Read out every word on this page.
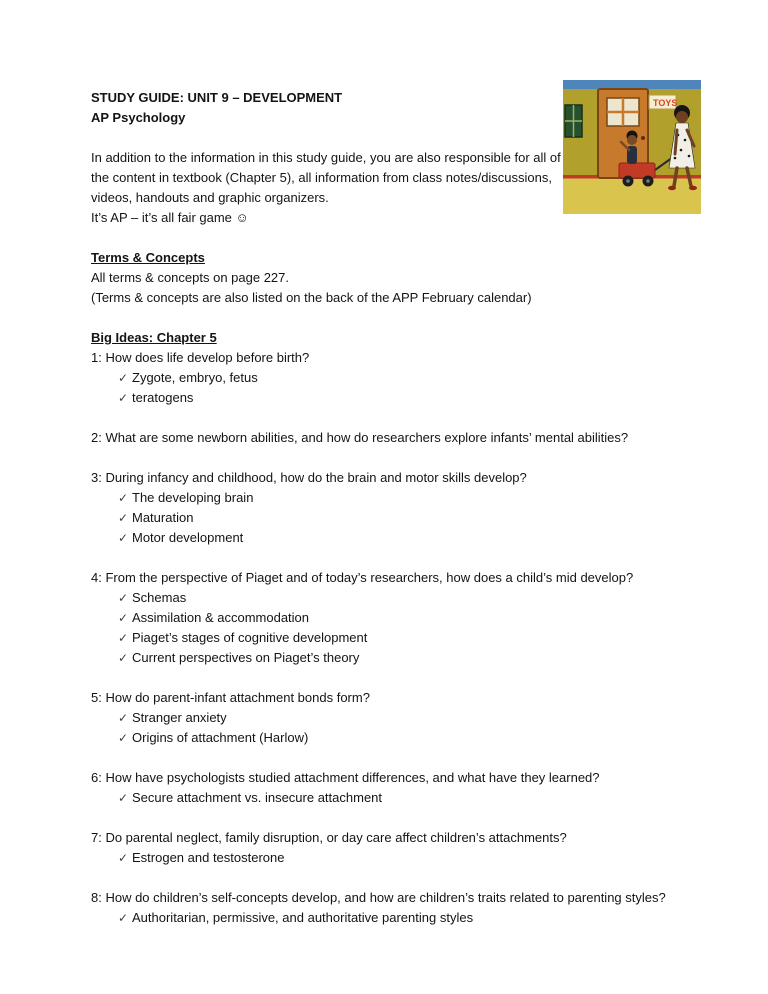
TOYS

STUDY GUIDE: UNIT 9 – DEVELOPMENT

AP Psychology

In addition to the information in this study guide, you are also responsible for all of the content in textbook (Chapter 5), all information from class notes/discussions, videos, handouts and graphic organizers.

It’s AP – it’s all fair game ☺

Terms & Concepts

All terms & concepts on page 227.

(Terms & concepts are also listed on the back of the APP February calendar)

Big Ideas: Chapter 5

1: How does life develop before birth?

✓ Zygote, embryo, fetus
✓ teratogens

2: What are some newborn abilities, and how do researchers explore infants’ mental abilities?

3: During infancy and childhood, how do the brain and motor skills develop?

✓ The developing brain
✓ Maturation
✓ Motor development

4: From the perspective of Piaget and of today’s researchers, how does a child’s mid develop?

✓ Schemas
✓ Assimilation & accommodation
✓ Piaget’s stages of cognitive development
✓ Current perspectives on Piaget’s theory

5: How do parent-infant attachment bonds form?

✓ Stranger anxiety
✓ Origins of attachment (Harlow)

6: How have psychologists studied attachment differences, and what have they learned?

✓ Secure attachment vs. insecure attachment

7: Do parental neglect, family disruption, or day care affect children’s attachments?

✓ Estrogen and testosterone

8: How do children’s self-concepts develop, and how are children’s traits related to parenting styles?

✓ Authoritarian, permissive, and authoritative parenting styles
